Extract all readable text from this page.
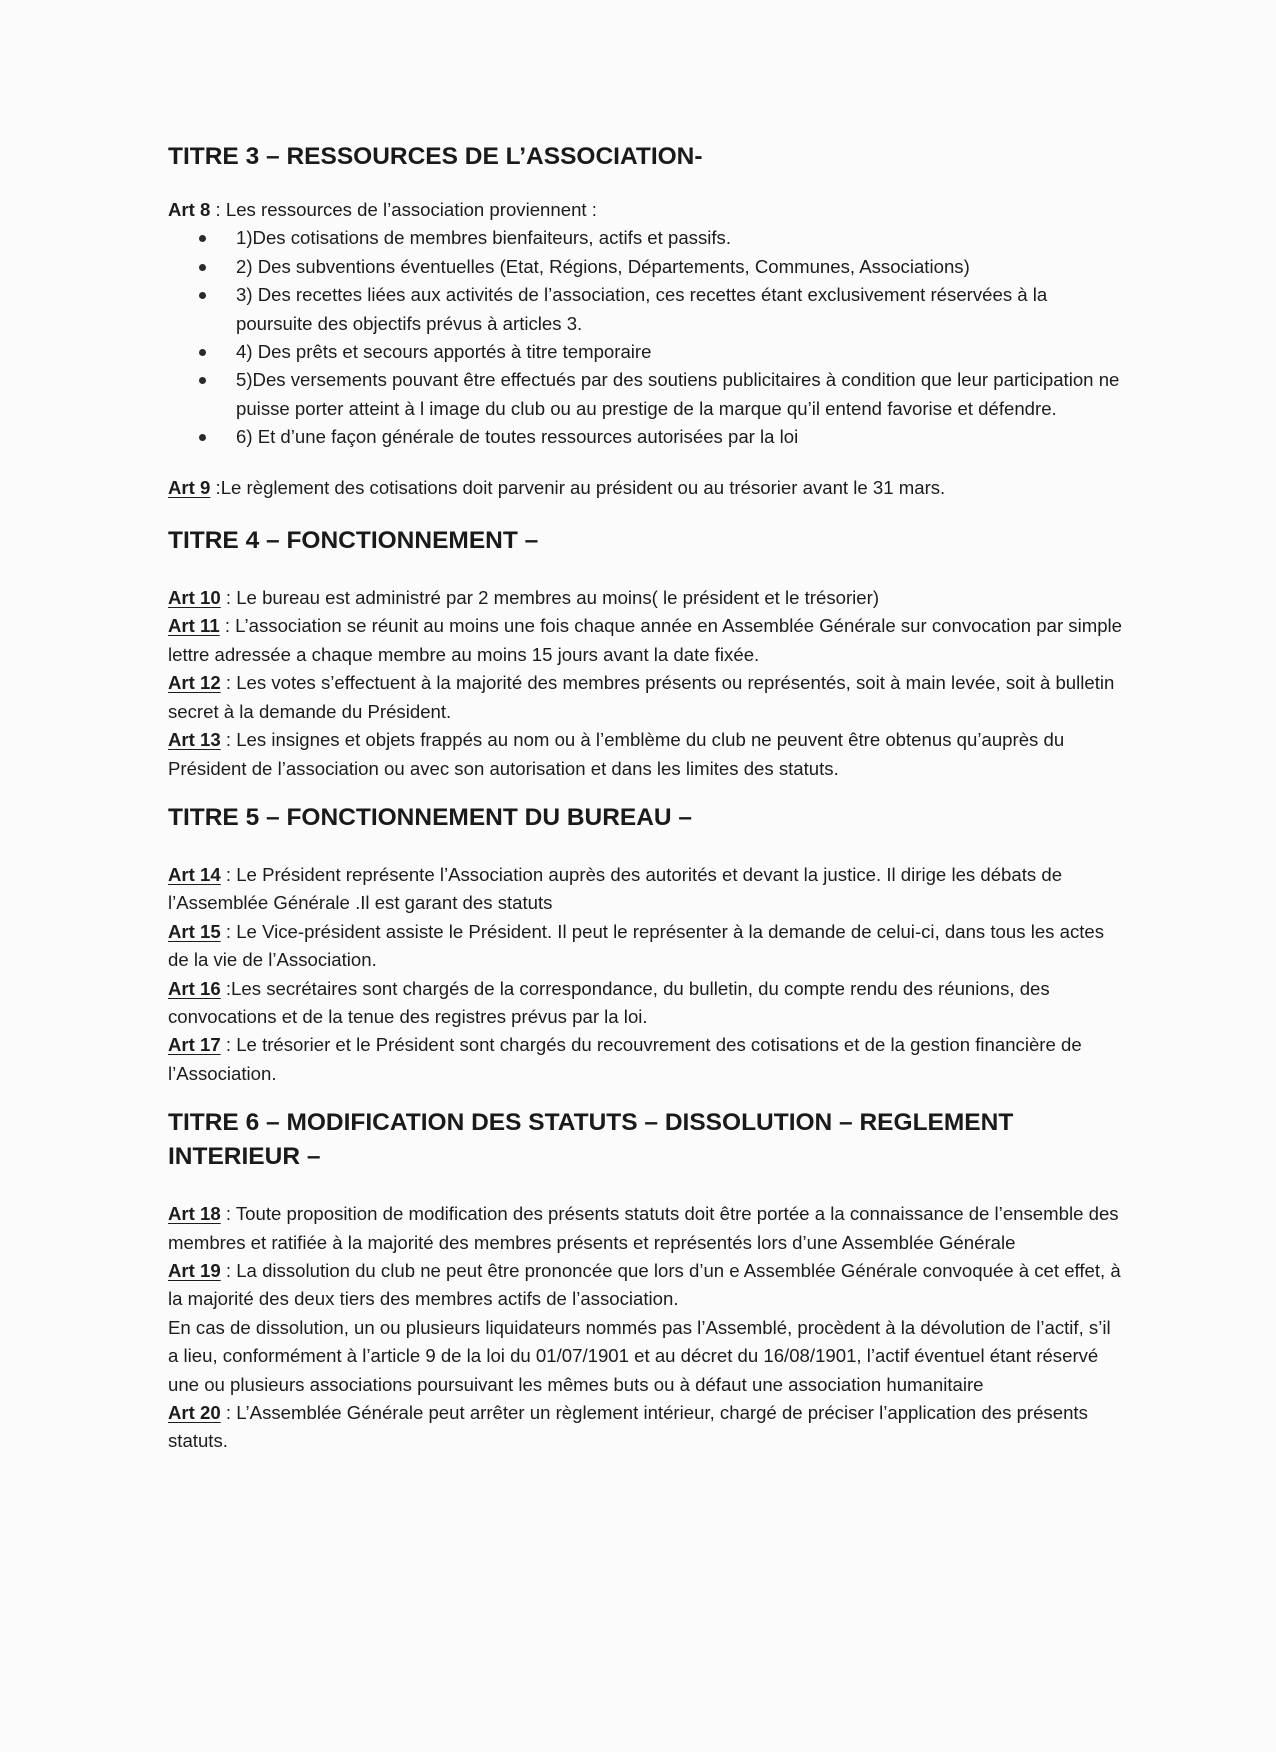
TITRE 3 – RESSOURCES DE L’ASSOCIATION-

Art 8 : Les ressources de l’association proviennent :

1)Des cotisations de membres bienfaiteurs, actifs et passifs.
2) Des subventions éventuelles (Etat, Régions, Départements, Communes, Associations)
3) Des recettes liées aux activités de l’association, ces recettes étant exclusivement réservées à la poursuite des objectifs prévus à articles 3.
4) Des prêts et secours apportés à titre temporaire
5)Des versements pouvant être effectués par des soutiens publicitaires à condition que leur participation ne puisse porter atteint à l image du club ou au prestige de la marque qu’il entend favorise et défendre.
6) Et d’une façon générale de toutes ressources autorisées par la loi

Art 9 :Le règlement des cotisations doit parvenir au président ou au trésorier avant le 31 mars.

TITRE 4 – FONCTIONNEMENT –

Art 10 : Le bureau est administré par 2 membres au moins( le président et le trésorier)

Art 11 : L’association se réunit au moins une fois chaque année en Assemblée Générale sur convocation par simple lettre adressée a chaque membre au moins 15 jours avant la date fixée.

Art 12 : Les votes s’effectuent à la majorité des membres présents ou représentés, soit à main levée, soit à bulletin secret à la demande du Président.

Art 13 : Les insignes et objets frappés au nom ou à l’emblème du club ne peuvent être obtenus qu’auprès du Président de l’association ou avec son autorisation et dans les limites des statuts.

TITRE 5 – FONCTIONNEMENT DU BUREAU –

Art 14 : Le Président représente l’Association auprès des autorités et devant la justice. Il dirige les débats de l’Assemblée Générale .Il est garant des statuts

Art 15 : Le Vice-président assiste le Président. Il peut le représenter à la demande de celui-ci, dans tous les actes de la vie de l’Association.

Art 16 :Les secrétaires sont chargés de la correspondance, du bulletin, du compte rendu des réunions, des convocations et de la tenue des registres prévus par la loi.

Art 17 : Le trésorier et le Président sont chargés du recouvrement des cotisations et de la gestion financière de l’Association.

TITRE 6 – MODIFICATION DES STATUTS – DISSOLUTION – REGLEMENT
INTERIEUR –

Art 18 : Toute proposition de modification des présents statuts doit être portée a la connaissance de l’ensemble des membres et ratifiée à la majorité des membres présents et représentés lors d’une Assemblée Générale

Art 19 : La dissolution du club ne peut être prononcée que lors d’un e Assemblée Générale convoquée à cet effet, à la majorité des deux tiers des membres actifs de l’association.

En cas de dissolution, un ou plusieurs liquidateurs nommés pas l’Assemblé, procèdent à la dévolution de l’actif, s’il a lieu, conformément à l’article 9 de la loi du 01/07/1901 et au décret du 16/08/1901, l’actif éventuel étant réservé une ou plusieurs associations poursuivant les mêmes buts ou à défaut une association humanitaire

Art 20 : L’Assemblée Générale peut arrêter un règlement intérieur, chargé de préciser l’application des présents statuts.
